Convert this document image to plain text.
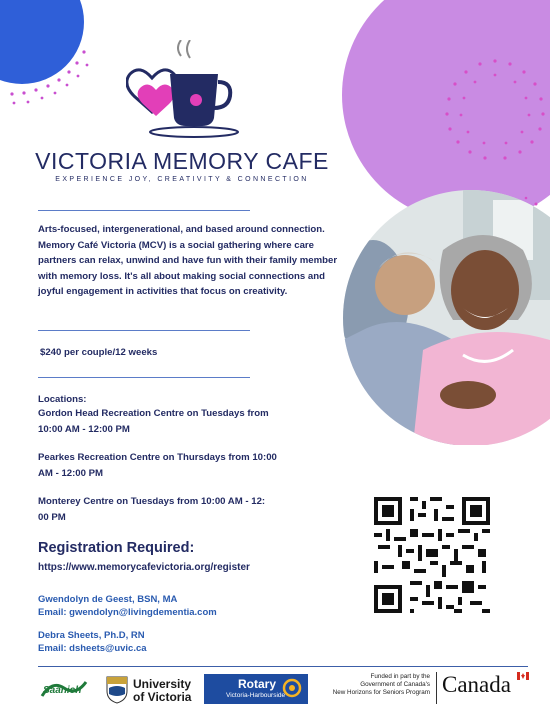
VICTORIA MEMORY CAFE
EXPERIENCE JOY, CREATIVITY & CONNECTION
Arts-focused, intergenerational, and based around connection. Memory Café Victoria (MCV) is a social gathering where care partners can relax, unwind and have fun with their family member with memory loss. It's all about making social connections and joyful engagement in activities that focus on creativity.
$240 per couple/12 weeks
Locations:
Gordon Head Recreation Centre on Tuesdays from 10:00 AM - 12:00 PM
Pearkes Recreation Centre on Thursdays from 10:00 AM - 12:00 PM
Monterey Centre on Tuesdays from 10:00 AM - 12: 00 PM
Registration Required:
https://www.memorycafevictoria.org/register
Gwendolyn de Geest, BSN, MA
Email: gwendolyn@livingdementia.com
Debra Sheets, Ph.D, RN
Email: dsheets@uvic.ca
Saanich	University
of Victoria
Rotary
Victoria-Harbourside
Funded in part by the
Government of Canada's
New Horizons for Seniors Program Canada
